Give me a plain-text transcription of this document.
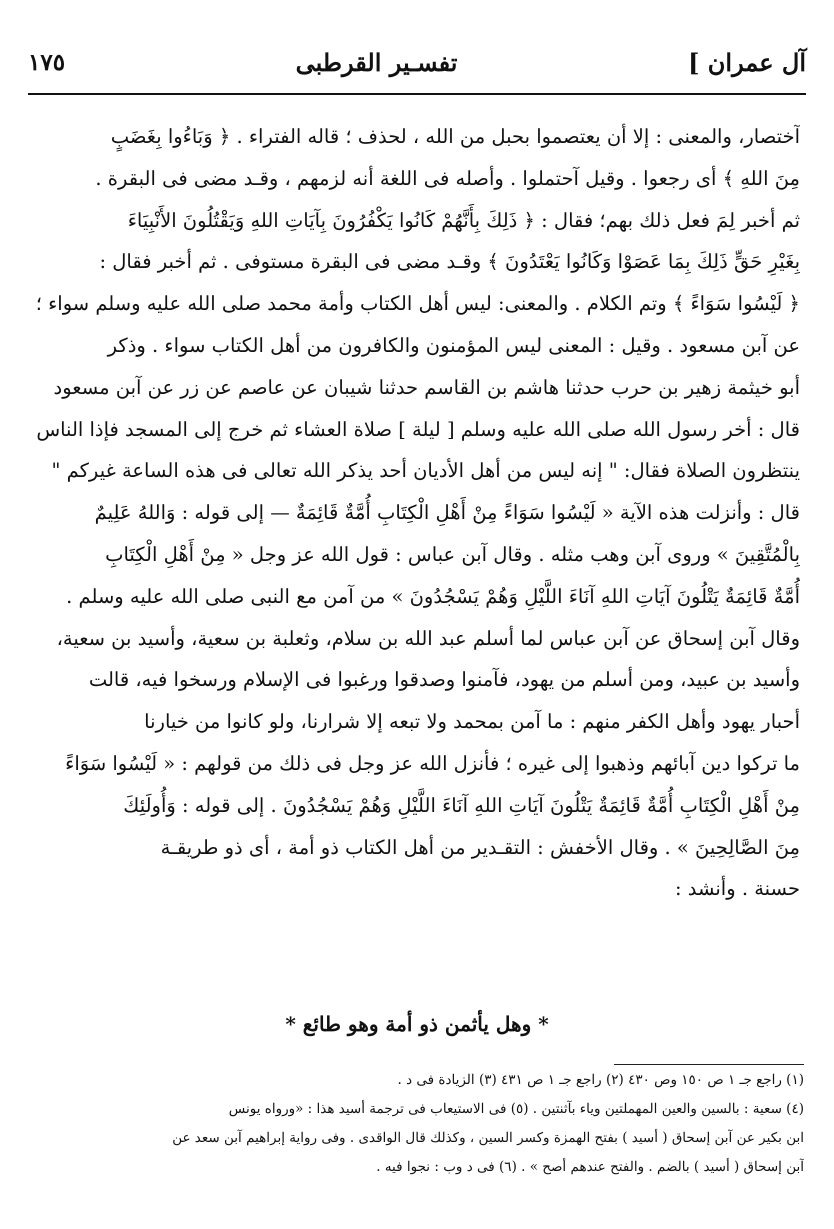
آل عمران ]
تفسـير القرطبى
١٧٥

آختصار، والمعنى : إلا أن يعتصموا بحبل من الله ، لحذف ؛ قاله الفتراء . ﴿ وَبَاءُوا بِغَضَبٍ

مِنَ اللهِ ﴾ أى رجعوا . وقيل آحتملوا . وأصله فى اللغة أنه لزمهم ، وقـد مضى فى البقرة .

ثم أخبر لِمَ فعل ذلك بهم؛ فقال : ﴿ ذَلِكَ بِأَنَّهُمْ كَانُوا يَكْفُرُونَ بِآيَاتِ اللهِ وَيَقْتُلُونَ الأَنْبِيَاءَ

بِغَيْرِ حَقٍّ ذَلِكَ بِمَا عَصَوْا وَكَانُوا يَعْتَدُونَ ﴾ وقـد مضى فى البقرة مستوفى . ثم أخبر فقال :

﴿ لَيْسُوا سَوَاءً ﴾ وتم الكلام . والمعنى: ليس أهل الكتاب وأمة محمد صلى الله عليه وسلم سواء ؛

عن آبن مسعود . وقيل : المعنى ليس المؤمنون والكافرون من أهل الكتاب سواء . وذكر

أبو خيثمة زهير بن حرب حدثنا هاشم بن القاسم حدثنا شيبان عن عاصم عن زر عن آبن مسعود

قال : أخر رسول الله صلى الله عليه وسلم [ ليلة ] صلاة العشاء ثم خرج إلى المسجد فإذا الناس

ينتظرون الصلاة فقال: " إنه ليس من أهل الأديان أحد يذكر الله تعالى فى هذه الساعة غيركم "

قال : وأنزلت هذه الآية « لَيْسُوا سَوَاءً مِنْ أَهْلِ الْكِتَابِ أُمَّةٌ قَائِمَةٌ — إلى قوله : وَاللهُ عَلِيمٌ

بِالْمُتَّقِينَ » وروى آبن وهب مثله . وقال آبن عباس : قول الله عز وجل « مِنْ أَهْلِ الْكِتَابِ

أُمَّةٌ قَائِمَةٌ يَتْلُونَ آيَاتِ اللهِ آنَاءَ اللَّيْلِ وَهُمْ يَسْجُدُونَ » من آمن مع النبى صلى الله عليه وسلم .

وقال آبن إسحاق عن آبن عباس لما أسلم عبد الله بن سلام، وثعلبة بن سعية، وأسيد بن سعية،

وأسيد بن عبيد، ومن أسلم من يهود، فآمنوا وصدقوا ورغبوا فى الإسلام ورسخوا فيه، قالت

أحبار يهود وأهل الكفر منهم : ما آمن بمحمد ولا تبعه إلا شرارنا، ولو كانوا من خيارنا

ما تركوا دين آبائهم وذهبوا إلى غيره ؛ فأنزل الله عز وجل فى ذلك من قولهم : « لَيْسُوا سَوَاءً

مِنْ أَهْلِ الْكِتَابِ أُمَّةٌ قَائِمَةٌ يَتْلُونَ آيَاتِ اللهِ آنَاءَ اللَّيْلِ وَهُمْ يَسْجُدُونَ . إلى قوله : وَأُولَئِكَ

مِنَ الصَّالِحِينَ » . وقال الأخفش : التقـدير من أهل الكتاب ذو أمة ، أى ذو طريقـة

حسنة . وأنشد :

* وهل يأثمن ذو أمة وهو طائع *

(١) راجع جـ ١ ص ١٥٠ وص ٤٣٠ (٢) راجع جـ ١ ص ٤٣١ (٣) الزيادة فى د .

(٤) سعية : بالسين والعين المهملتين وياء بآثنتين . (٥) فى الاستيعاب فى ترجمة أسيد هذا : «ورواه يونس

ابن بكير عن آبن إسحاق ( أسيد ) بفتح الهمزة وكسر السين ، وكذلك قال الواقدى . وفى رواية إبراهيم آبن سعد عن

آبن إسحاق ( أسيد ) بالضم . والفتح عندهم أصح » . (٦) فى د وب : نجوا فيه .
